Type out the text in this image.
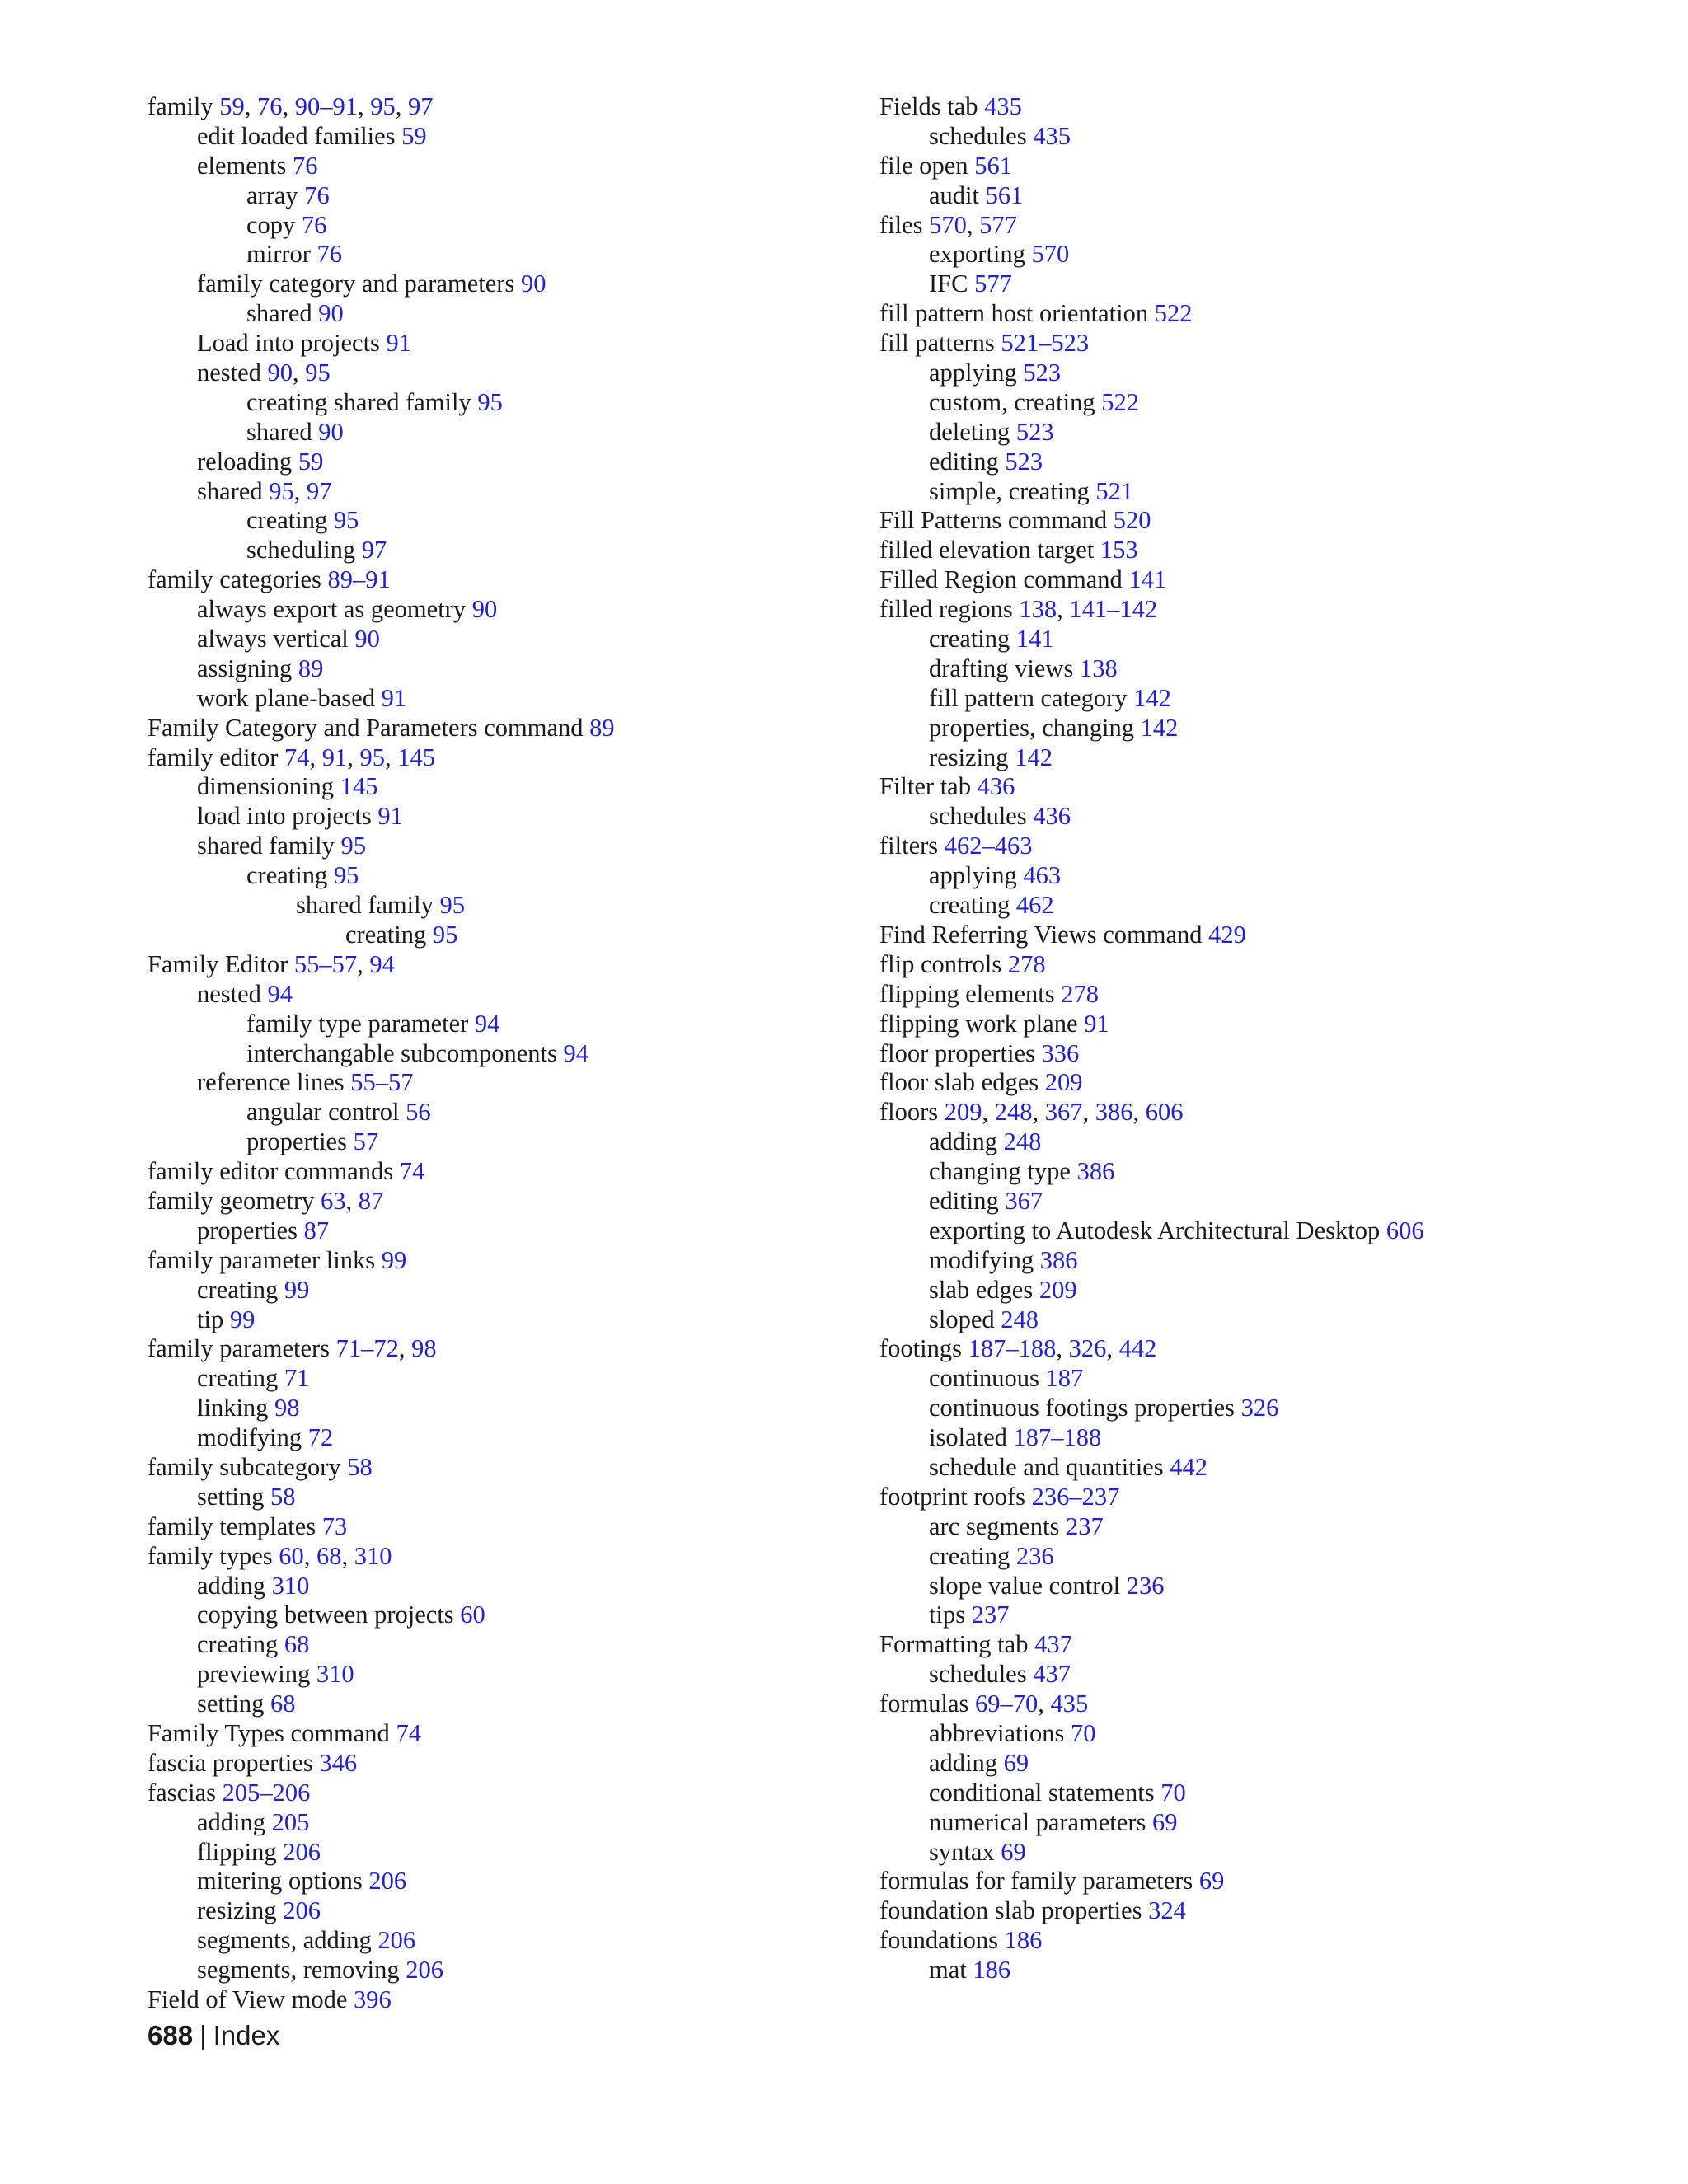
family 59, 76, 90–91, 95, 97
edit loaded families 59
elements 76
array 76
copy 76
mirror 76
family category and parameters 90
shared 90
Load into projects 91
nested 90, 95
creating shared family 95
shared 90
reloading 59
shared 95, 97
creating 95
scheduling 97
family categories 89–91
always export as geometry 90
always vertical 90
assigning 89
work plane-based 91
Family Category and Parameters command 89
family editor 74, 91, 95, 145
dimensioning 145
load into projects 91
shared family 95
creating 95
shared family 95
creating 95
Family Editor 55–57, 94
nested 94
family type parameter 94
interchangable subcomponents 94
reference lines 55–57
angular control 56
properties 57
family editor commands 74
family geometry 63, 87
properties 87
family parameter links 99
creating 99
tip 99
family parameters 71–72, 98
creating 71
linking 98
modifying 72
family subcategory 58
setting 58
family templates 73
family types 60, 68, 310
adding 310
copying between projects 60
creating 68
previewing 310
setting 68
Family Types command 74
fascia properties 346
fascias 205–206
adding 205
flipping 206
mitering options 206
resizing 206
segments, adding 206
segments, removing 206
Field of View mode 396
Fields tab 435
schedules 435
file open 561
audit 561
files 570, 577
exporting 570
IFC 577
fill pattern host orientation 522
fill patterns 521–523
applying 523
custom, creating 522
deleting 523
editing 523
simple, creating 521
Fill Patterns command 520
filled elevation target 153
Filled Region command 141
filled regions 138, 141–142
creating 141
drafting views 138
fill pattern category 142
properties, changing 142
resizing 142
Filter tab 436
schedules 436
filters 462–463
applying 463
creating 462
Find Referring Views command 429
flip controls 278
flipping elements 278
flipping work plane 91
floor properties 336
floor slab edges 209
floors 209, 248, 367, 386, 606
adding 248
changing type 386
editing 367
exporting to Autodesk Architectural Desktop 606
modifying 386
slab edges 209
sloped 248
footings 187–188, 326, 442
continuous 187
continuous footings properties 326
isolated 187–188
schedule and quantities 442
footprint roofs 236–237
arc segments 237
creating 236
slope value control 236
tips 237
Formatting tab 437
schedules 437
formulas 69–70, 435
abbreviations 70
adding 69
conditional statements 70
numerical parameters 69
syntax 69
formulas for family parameters 69
foundation slab properties 324
foundations 186
mat 186
688 | Index
